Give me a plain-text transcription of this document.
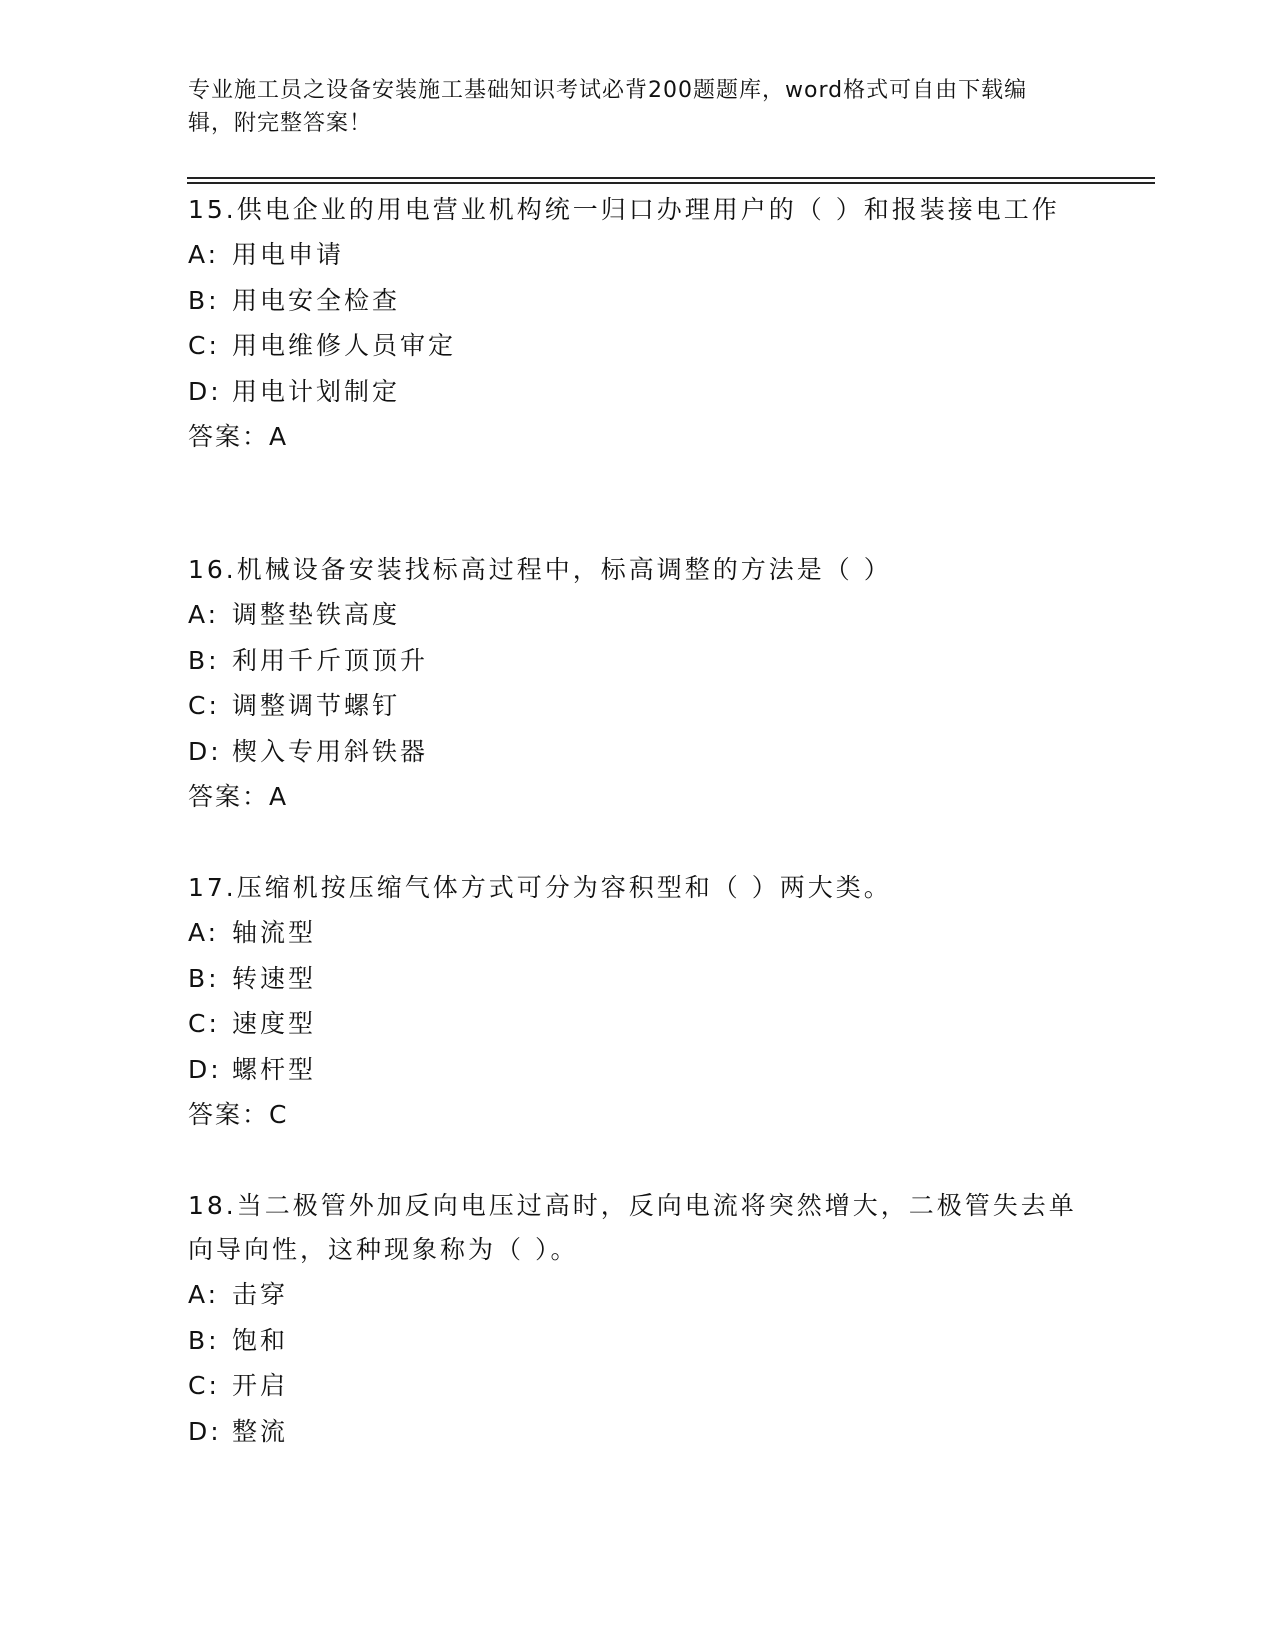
专业施工员之设备安装施工基础知识考试必背200题题库，word格式可自由下载编辑，附完整答案！
15.供电企业的用电营业机构统一归口办理用户的（ ）和报装接电工作
A: 用电申请
B: 用电安全检查
C: 用电维修人员审定
D: 用电计划制定
答案：A
16.机械设备安装找标高过程中，标高调整的方法是（ ）
A: 调整垫铁高度
B: 利用千斤顶顶升
C: 调整调节螺钉
D: 楔入专用斜铁器
答案：A
17.压缩机按压缩气体方式可分为容积型和（ ）两大类。
A: 轴流型
B: 转速型
C: 速度型
D: 螺杆型
答案：C
18.当二极管外加反向电压过高时，反向电流将突然增大，二极管失去单向导向性，这种现象称为（ ）。
A: 击穿
B: 饱和
C: 开启
D: 整流
